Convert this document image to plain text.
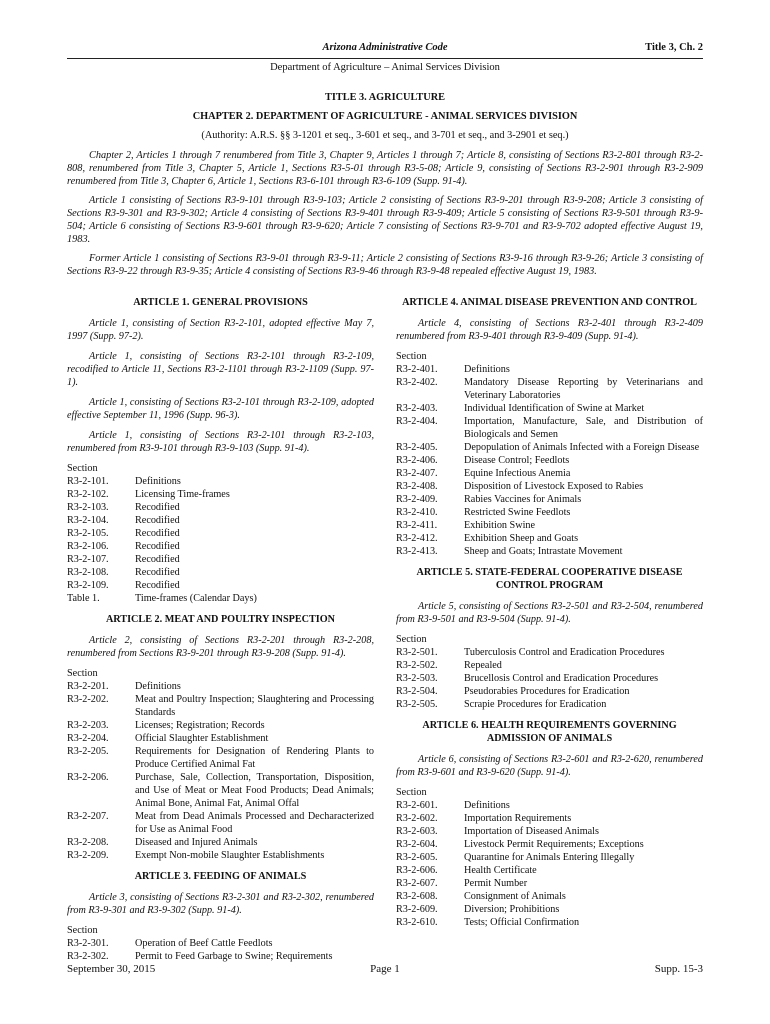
Arizona Administrative Code	Title 3, Ch. 2
Department of Agriculture – Animal Services Division
TITLE 3. AGRICULTURE
CHAPTER 2. DEPARTMENT OF AGRICULTURE - ANIMAL SERVICES DIVISION
(Authority: A.R.S. §§ 3-1201 et seq., 3-601 et seq., and 3-701 et seq., and 3-2901 et seq.)

Chapter 2, Articles 1 through 7 renumbered from Title 3, Chapter 9, Articles 1 through 7; Article 8, consisting of Sections R3-2-801 through R3-2-808, renumbered from Title 3, Chapter 5, Article 1, Sections R3-5-01 through R3-5-08; Article 9, consisting of Sections R3-2-901 through R3-2-909 renumbered from Title 3, Chapter 6, Article 1, Sections R3-6-101 through R3-6-109 (Supp. 91-4).

Article 1 consisting of Sections R3-9-101 through R3-9-103; Article 2 consisting of Sections R3-9-201 through R3-9-208; Article 3 consisting of Sections R3-9-301 and R3-9-302; Article 4 consisting of Sections R3-9-401 through R3-9-409; Article 5 consisting of Sections R3-9-501 through R3-9-504; Article 6 consisting of Sections R3-9-601 through R3-9-620; Article 7 consisting of Sections R3-9-701 and R3-9-702 adopted effective August 19, 1983.

Former Article 1 consisting of Sections R3-9-01 through R3-9-11; Article 2 consisting of Sections R3-9-16 through R3-9-26; Article 3 consisting of Sections R3-9-22 through R3-9-35; Article 4 consisting of Sections R3-9-46 through R3-9-48 repealed effective August 19, 1983.

ARTICLE 1. GENERAL PROVISIONS

Article 1, consisting of Section R3-2-101, adopted effective May 7, 1997 (Supp. 97-2).

Article 1, consisting of Sections R3-2-101 through R3-2-109, recodified to Article 11, Sections R3-2-1101 through R3-2-1109 (Supp. 97-1).

Article 1, consisting of Sections R3-2-101 through R3-2-109, adopted effective September 11, 1996 (Supp. 96-3).

Article 1, consisting of Sections R3-2-101 through R3-2-103, renumbered from R3-9-101 through R3-9-103 (Supp. 91-4).

Section
R3-2-101.	Definitions
R3-2-102.	Licensing Time-frames
R3-2-103.	Recodified
R3-2-104.	Recodified
R3-2-105.	Recodified
R3-2-106.	Recodified
R3-2-107.	Recodified
R3-2-108.	Recodified
R3-2-109.	Recodified
Table 1.	Time-frames (Calendar Days)
ARTICLE 2. MEAT AND POULTRY INSPECTION

Article 2, consisting of Sections R3-2-201 through R3-2-208, renumbered from Sections R3-9-201 through R3-9-208 (Supp. 91-4).

Section
R3-2-201.	Definitions
R3-2-202.	Meat and Poultry Inspection; Slaughtering and Processing Standards
R3-2-203.	Licenses; Registration; Records
R3-2-204.	Official Slaughter Establishment
R3-2-205.	Requirements for Designation of Rendering Plants to Produce Certified Animal Fat
R3-2-206.	Purchase, Sale, Collection, Transportation, Disposition, and Use of Meat or Meat Food Products; Dead Animals; Animal Bone, Animal Fat, Animal Offal
R3-2-207.	Meat from Dead Animals Processed and Decharacterized for Use as Animal Food
R3-2-208.	Diseased and Injured Animals
R3-2-209.	Exempt Non-mobile Slaughter Establishments
ARTICLE 3. FEEDING OF ANIMALS

Article 3, consisting of Sections R3-2-301 and R3-2-302, renumbered from R3-9-301 and R3-9-302 (Supp. 91-4).

Section
R3-2-301.	Operation of Beef Cattle Feedlots
R3-2-302.	Permit to Feed Garbage to Swine; Requirements
ARTICLE 4. ANIMAL DISEASE PREVENTION AND CONTROL

Article 4, consisting of Sections R3-2-401 through R3-2-409 renumbered from R3-9-401 through R3-9-409 (Supp. 91-4).

Section
R3-2-401.	Definitions
R3-2-402.	Mandatory Disease Reporting by Veterinarians and Veterinary Laboratories
R3-2-403.	Individual Identification of Swine at Market
R3-2-404.	Importation, Manufacture, Sale, and Distribution of Biologicals and Semen
R3-2-405.	Depopulation of Animals Infected with a Foreign Disease
R3-2-406.	Disease Control; Feedlots
R3-2-407.	Equine Infectious Anemia
R3-2-408.	Disposition of Livestock Exposed to Rabies
R3-2-409.	Rabies Vaccines for Animals
R3-2-410.	Restricted Swine Feedlots
R3-2-411.	Exhibition Swine
R3-2-412.	Exhibition Sheep and Goats
R3-2-413.	Sheep and Goats; Intrastate Movement
ARTICLE 5. STATE-FEDERAL COOPERATIVE DISEASE CONTROL PROGRAM

Article 5, consisting of Sections R3-2-501 and R3-2-504, renumbered from R3-9-501 and R3-9-504 (Supp. 91-4).

Section
R3-2-501.	Tuberculosis Control and Eradication Procedures
R3-2-502.	Repealed
R3-2-503.	Brucellosis Control and Eradication Procedures
R3-2-504.	Pseudorabies Procedures for Eradication
R3-2-505.	Scrapie Procedures for Eradication
ARTICLE 6. HEALTH REQUIREMENTS GOVERNING ADMISSION OF ANIMALS

Article 6, consisting of Sections R3-2-601 and R3-2-620, renumbered from R3-9-601 and R3-9-620 (Supp. 91-4).

Section
R3-2-601.	Definitions
R3-2-602.	Importation Requirements
R3-2-603.	Importation of Diseased Animals
R3-2-604.	Livestock Permit Requirements; Exceptions
R3-2-605.	Quarantine for Animals Entering Illegally
R3-2-606.	Health Certificate
R3-2-607.	Permit Number
R3-2-608.	Consignment of Animals
R3-2-609.	Diversion; Prohibitions
R3-2-610.	Tests; Official Confirmation
September 30, 2015	Page 1	Supp. 15-3
